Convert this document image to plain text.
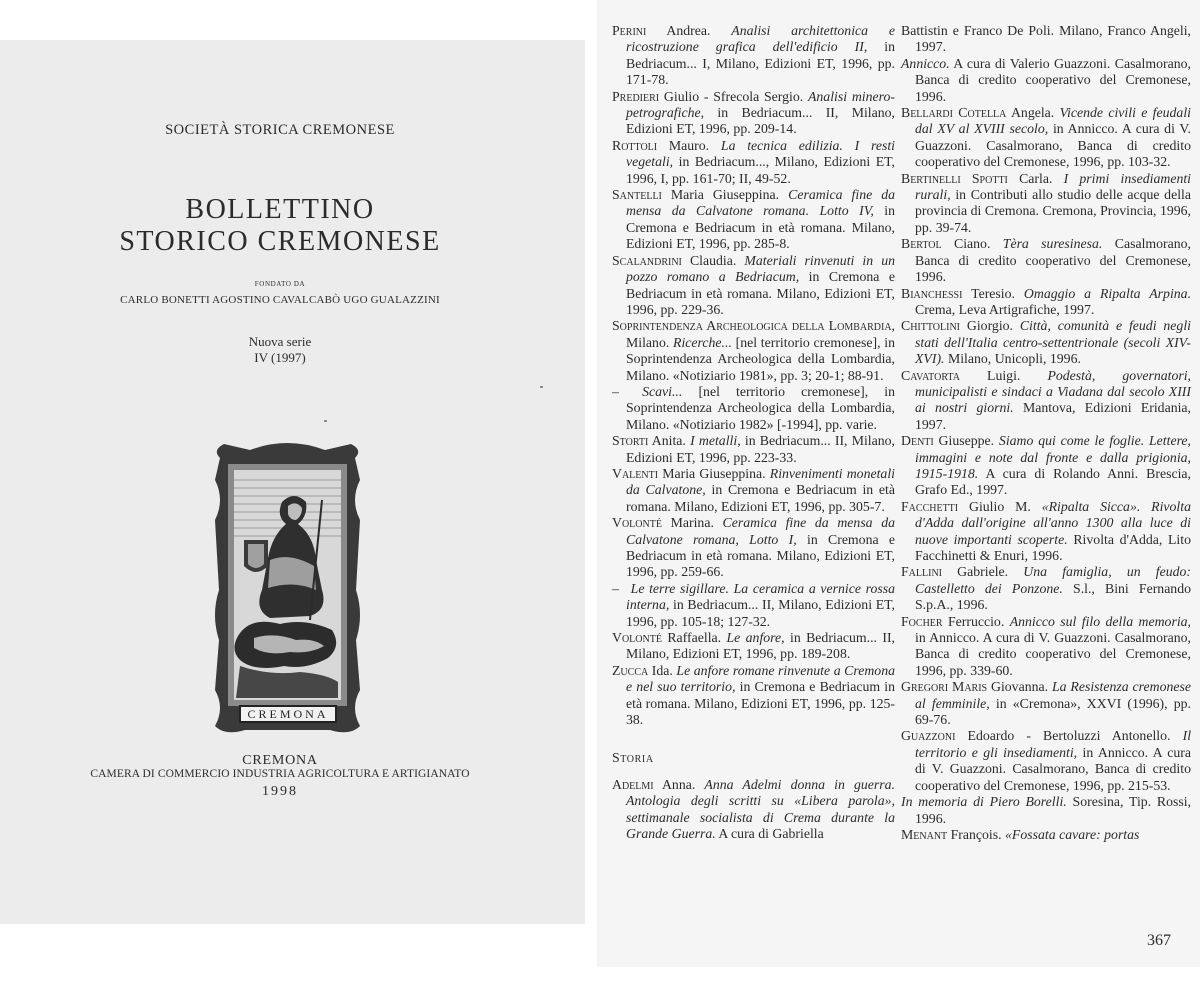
SOCIETÀ STORICA CREMONESE

BOLLETTINO

STORICO CREMONESE

FONDATO DA

CARLO BONETTI AGOSTINO CAVALCABÒ UGO GUALAZZINI

Nuova serie

IV (1997)

CREMONA

CREMONA

CAMERA DI COMMERCIO INDUSTRIA AGRICOLTURA E ARTIGIANATO

1998

Perini Andrea. Analisi architettonica e ricostruzione grafica dell'edificio II, in Bedriacum... I, Milano, Edizioni ET, 1996, pp. 171-78.

Predieri Giulio - Sfrecola Sergio. Analisi minero-petrografiche, in Bedriacum... II, Milano, Edizioni ET, 1996, pp. 209-14.

Rottoli Mauro. La tecnica edilizia. I resti vegetali, in Bedriacum..., Milano, Edizioni ET, 1996, I, pp. 161-70; II, 49-52.

Santelli Maria Giuseppina. Ceramica fine da mensa da Calvatone romana. Lotto IV, in Cremona e Bedriacum in età romana. Milano, Edizioni ET, 1996, pp. 285-8.

Scalandrini Claudia. Materiali rinvenuti in un pozzo romano a Bedriacum, in Cremona e Bedriacum in età romana. Milano, Edizioni ET, 1996, pp. 229-36.

Soprintendenza Archeologica della Lombardia, Milano. Ricerche... [nel territorio cremonese], in Soprintendenza Archeologica della Lombardia, Milano. «Notiziario 1981», pp. 3; 20-1; 88-91.

– Scavi... [nel territorio cremonese], in Soprintendenza Archeologica della Lombardia, Milano. «Notiziario 1982» [-1994], pp. varie.

Storti Anita. I metalli, in Bedriacum... II, Milano, Edizioni ET, 1996, pp. 223-33.

Valenti Maria Giuseppina. Rinvenimenti monetali da Calvatone, in Cremona e Bedriacum in età romana. Milano, Edizioni ET, 1996, pp. 305-7.

Volonté Marina. Ceramica fine da mensa da Calvatone romana, Lotto I, in Cremona e Bedriacum in età romana. Milano, Edizioni ET, 1996, pp. 259-66.

– Le terre sigillare. La ceramica a vernice rossa interna, in Bedriacum... II, Milano, Edizioni ET, 1996, pp. 105-18; 127-32.

Volonté Raffaella. Le anfore, in Bedriacum... II, Milano, Edizioni ET, 1996, pp. 189-208.

Zucca Ida. Le anfore romane rinvenute a Cremona e nel suo territorio, in Cremona e Bedriacum in età romana. Milano, Edizioni ET, 1996, pp. 125-38.

Storia

Adelmi Anna. Anna Adelmi donna in guerra. Antologia degli scritti su «Libera parola», settimanale socialista di Crema durante la Grande Guerra. A cura di Gabriella

Battistin e Franco De Poli. Milano, Franco Angeli, 1997.

Annicco. A cura di Valerio Guazzoni. Casalmorano, Banca di credito cooperativo del Cremonese, 1996.

Bellardi Cotella Angela. Vicende civili e feudali dal XV al XVIII secolo, in Annicco. A cura di V. Guazzoni. Casalmorano, Banca di credito cooperativo del Cremonese, 1996, pp. 103-32.

Bertinelli Spotti Carla. I primi insediamenti rurali, in Contributi allo studio delle acque della provincia di Cremona. Cremona, Provincia, 1996, pp. 39-74.

Bertol Ciano. Tèra suresinesa. Casalmorano, Banca di credito cooperativo del Cremonese, 1996.

Bianchessi Teresio. Omaggio a Ripalta Arpina. Crema, Leva Artigrafiche, 1997.

Chittolini Giorgio. Città, comunità e feudi negli stati dell'Italia centro-settentrionale (secoli XIV-XVI). Milano, Unicopli, 1996.

Cavatorta Luigi. Podestà, governatori, municipalisti e sindaci a Viadana dal secolo XIII ai nostri giorni. Mantova, Edizioni Eridania, 1997.

Denti Giuseppe. Siamo qui come le foglie. Lettere, immagini e note dal fronte e dalla prigionia, 1915-1918. A cura di Rolando Anni. Brescia, Grafo Ed., 1997.

Facchetti Giulio M. «Ripalta Sicca». Rivolta d'Adda dall'origine all'anno 1300 alla luce di nuove importanti scoperte. Rivolta d'Adda, Lito Facchinetti & Enuri, 1996.

Fallini Gabriele. Una famiglia, un feudo: Castelletto dei Ponzone. S.l., Bini Fernando S.p.A., 1996.

Focher Ferruccio. Annicco sul filo della memoria, in Annicco. A cura di V. Guazzoni. Casalmorano, Banca di credito cooperativo del Cremonese, 1996, pp. 339-60.

Gregori Maris Giovanna. La Resistenza cremonese al femminile, in «Cremona», XXVI (1996), pp. 69-76.

Guazzoni Edoardo - Bertoluzzi Antonello. Il territorio e gli insediamenti, in Annicco. A cura di V. Guazzoni. Casalmorano, Banca di credito cooperativo del Cremonese, 1996, pp. 215-53.

In memoria di Piero Borelli. Soresina, Tip. Rossi, 1996.

Menant François. «Fossata cavare: portas

367
